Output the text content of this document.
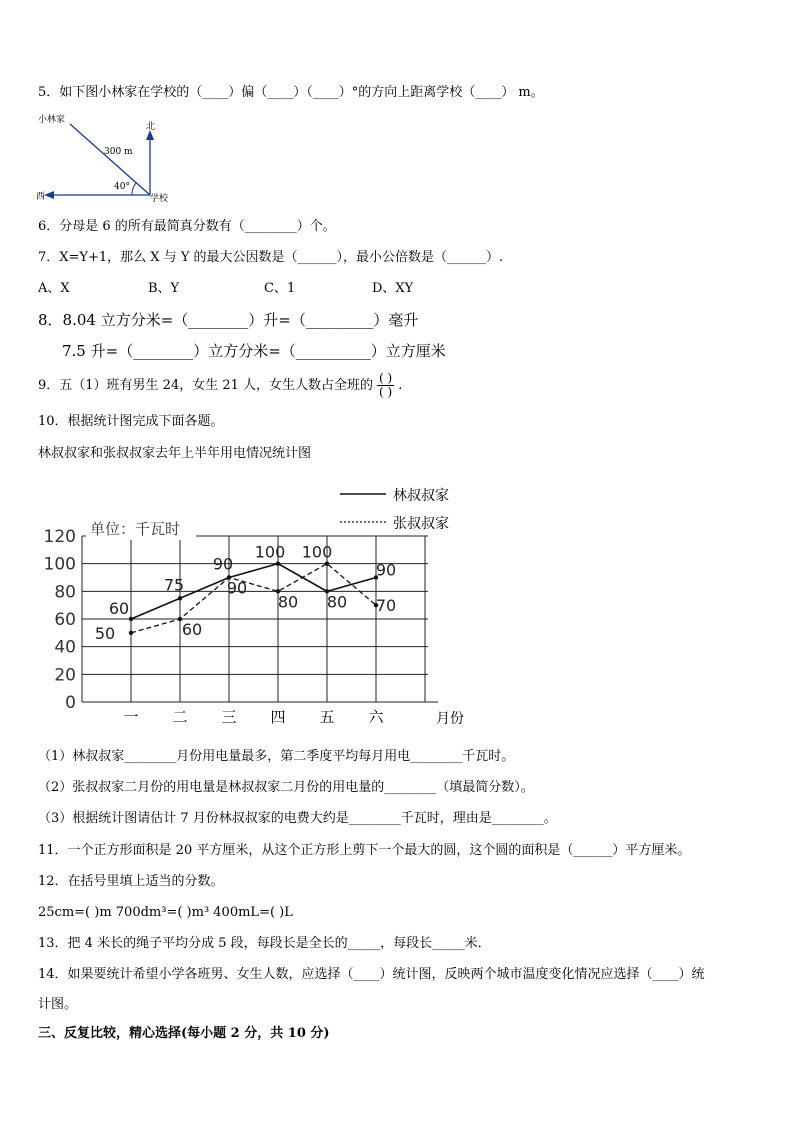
5．如下图小林家在学校的（____）偏（____）（____）°的方向上距离学校（____） m。
小林家
300 m
北
40°
西	学校
6．分母是 6 的所有最简真分数有（________）个。
7．X=Y+1，那么 X 与 Y 的最大公因数是（______），最小公倍数是（______）.
A、X	B、Y	C、1	D、XY
8．8.04 立方分米=（________）升=（_________）毫升
7.5 升=（________）立方分米=（__________）立方厘米
9．五（1）班有男生 24，女生 21 人，女生人数占全班的 $\frac{( )}{( )}$ .
10．根据统计图完成下面各题。
林叔叔家和张叔叔家去年上半年用电情况统计图
0
20
40
60
80
100
120
一 二 三 四 五 六
60
75
90
100
80
90
50	60
90
80
100
70
单位：千瓦时
林叔叔家
张叔叔家
月份
（1）林叔叔家________月份用电量最多，第二季度平均每月用电________千瓦时。
（2）张叔叔家二月份的用电量是林叔叔家二月份的用电量的________（填最简分数）。
（3）根据统计图请估计 7 月份林叔叔家的电费大约是________千瓦时，理由是________。
11．一个正方形面积是 20 平方厘米，从这个正方形上剪下一个最大的圆，这个圆的面积是（______）平方厘米。
12．在括号里填上适当的分数。
25cm=( )m 700dm³=( )m³ 400mL=( )L
13．把 4 米长的绳子平均分成 5 段，每段长是全长的_____，每段长_____米．
14．如果要统计希望小学各班男、女生人数，应选择（____）统计图，反映两个城市温度变化情况应选择（____）统
计图。
三、反复比较，精心选择(每小题 2 分，共 10 分)
